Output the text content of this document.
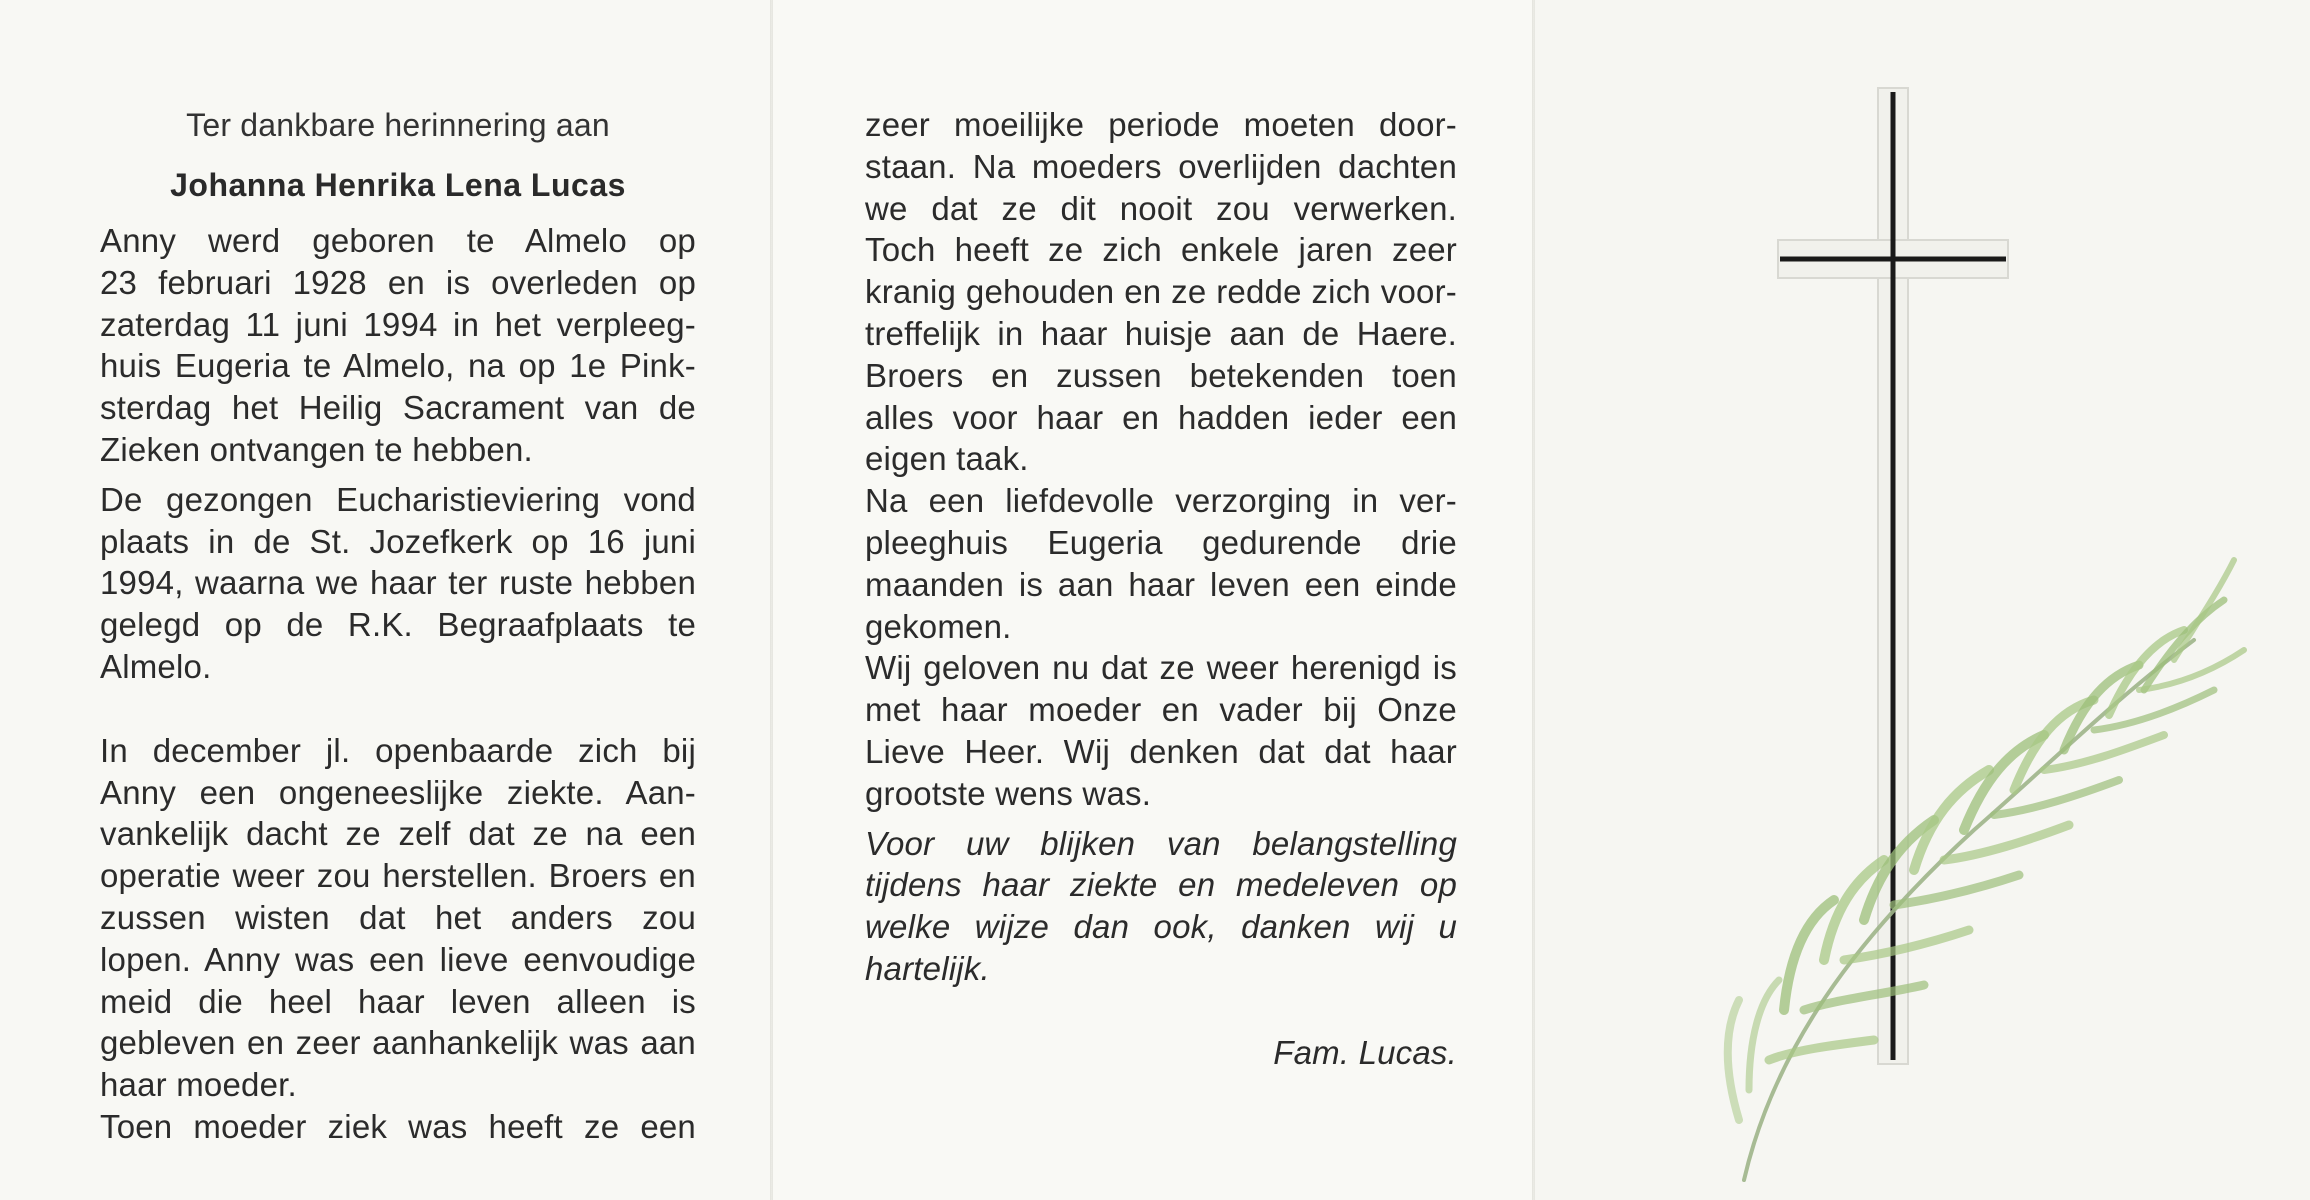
Ter dankbare herinnering aan

Johanna Henrika Lena Lucas

Anny werd geboren te Almelo op
23 februari 1928 en is overleden op
zaterdag 11 juni 1994 in het verpleeg-
huis Eugeria te Almelo, na op 1e Pink-
sterdag het Heilig Sacrament van de
Zieken ontvangen te hebben.

De gezongen Eucharistieviering vond
plaats in de St. Jozefkerk op 16 juni
1994, waarna we haar ter ruste hebben
gelegd op de R.K. Begraafplaats te
Almelo.

In december jl. openbaarde zich bij
Anny een ongeneeslijke ziekte. Aan-
vankelijk dacht ze zelf dat ze na een
operatie weer zou herstellen. Broers en
zussen wisten dat het anders zou
lopen. Anny was een lieve eenvoudige
meid die heel haar leven alleen is
gebleven en zeer aanhankelijk was aan
haar moeder.
Toen moeder ziek was heeft ze een

zeer moeilijke periode moeten door-
staan. Na moeders overlijden dachten
we dat ze dit nooit zou verwerken.
Toch heeft ze zich enkele jaren zeer
kranig gehouden en ze redde zich voor-
treffelijk in haar huisje aan de Haere.
Broers en zussen betekenden toen
alles voor haar en hadden ieder een
eigen taak.

Na een liefdevolle verzorging in ver-
pleeghuis Eugeria gedurende drie
maanden is aan haar leven een einde
gekomen.

Wij geloven nu dat ze weer herenigd is
met haar moeder en vader bij Onze
Lieve Heer. Wij denken dat dat haar
grootste wens was.

Voor uw blijken van belangstelling
tijdens haar ziekte en medeleven op
welke wijze dan ook, danken wij u
hartelijk.

Fam. Lucas.
